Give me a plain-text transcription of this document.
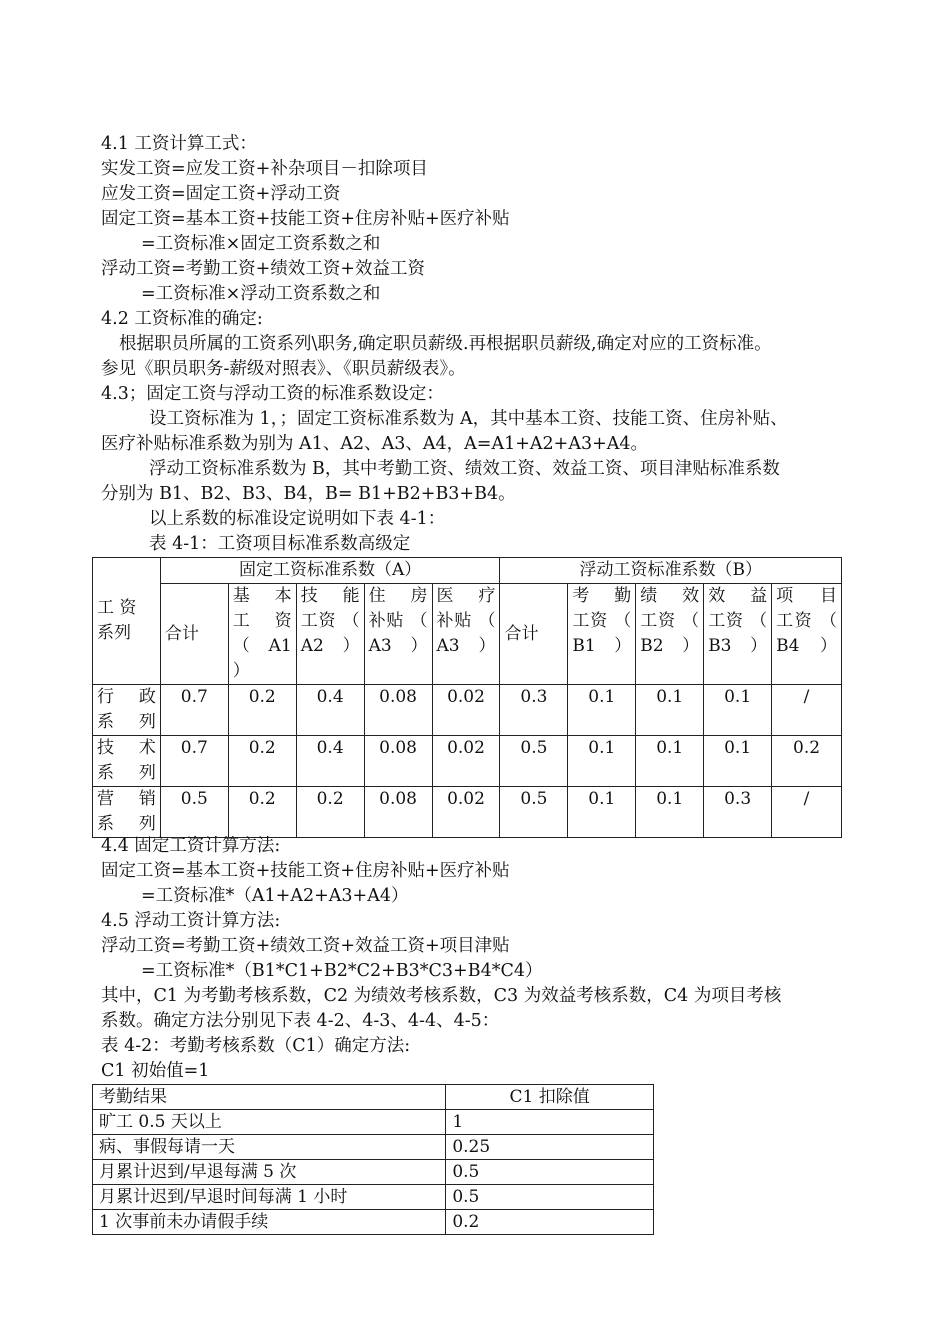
4.1 工资计算工式：
实发工资=应发工资+补杂项目－扣除项目
应发工资=固定工资+浮动工资
固定工资=基本工资+技能工资+住房补贴+医疗补贴
=工资标准×固定工资系数之和
浮动工资=考勤工资+绩效工资+效益工资
=工资标准×浮动工资系数之和
4.2 工资标准的确定:
根据职员所属的工资系列\职务,确定职员薪级.再根据职员薪级,确定对应的工资标准。
参见《职员职务-薪级对照表》、《职员薪级表》。
4.3；固定工资与浮动工资的标准系数设定：
设工资标准为 1，；固定工资标准系数为 A，其中基本工资、技能工资、住房补贴、
医疗补贴标准系数为别为 A1、A2、A3、A4，A=A1+A2+A3+A4。
浮动工资标准系数为 B，其中考勤工资、绩效工资、效益工资、项目津贴标准系数
分别为 B1、B2、B3、B4，B= B1+B2+B3+B4。
以上系数的标准设定说明如下表 4-1：
表 4-1：工资项目标准系数高级定
工 资 系列	固定工资标准系数（A）					浮动工资标准系数（B）				
	合计	基 本 工 资 （ A1 ）	技 能 工资 （ A2 ）	住 房 补贴 （ A3 ）	医 疗 补贴 （ A3 ）	合计	考 勤 工资 （ B1 ）	绩 效 工资 （ B2 ）	效 益 工资 （ B3 ）	项 目 工资 （ B4 ）
行 政 系列	0.7	0.2	0.4	0.08	0.02	0.3	0.1	0.1	0.1	/
技 术 系列	0.7	0.2	0.4	0.08	0.02	0.5	0.1	0.1	0.1	0.2
营 销 系列	0.5	0.2	0.2	0.08	0.02	0.5	0.1	0.1	0.3	/
4.4 固定工资计算方法:
固定工资=基本工资+技能工资+住房补贴+医疗补贴
=工资标准*（A1+A2+A3+A4）
4.5 浮动工资计算方法:
浮动工资=考勤工资+绩效工资+效益工资+项目津贴
=工资标准*（B1*C1+B2*C2+B3*C3+B4*C4）
其中，C1 为考勤考核系数，C2 为绩效考核系数，C3 为效益考核系数，C4 为项目考核
系数。确定方法分别见下表 4-2、4-3、4-4、4-5：
表 4-2：考勤考核系数（C1）确定方法:
C1 初始值=1
考勤结果	C1 扣除值
旷工 0.5 天以上	1
病、事假每请一天	0.25
月累计迟到/早退每满 5 次	0.5
月累计迟到/早退时间每满 1 小时	0.5
1 次事前未办请假手续	0.2
